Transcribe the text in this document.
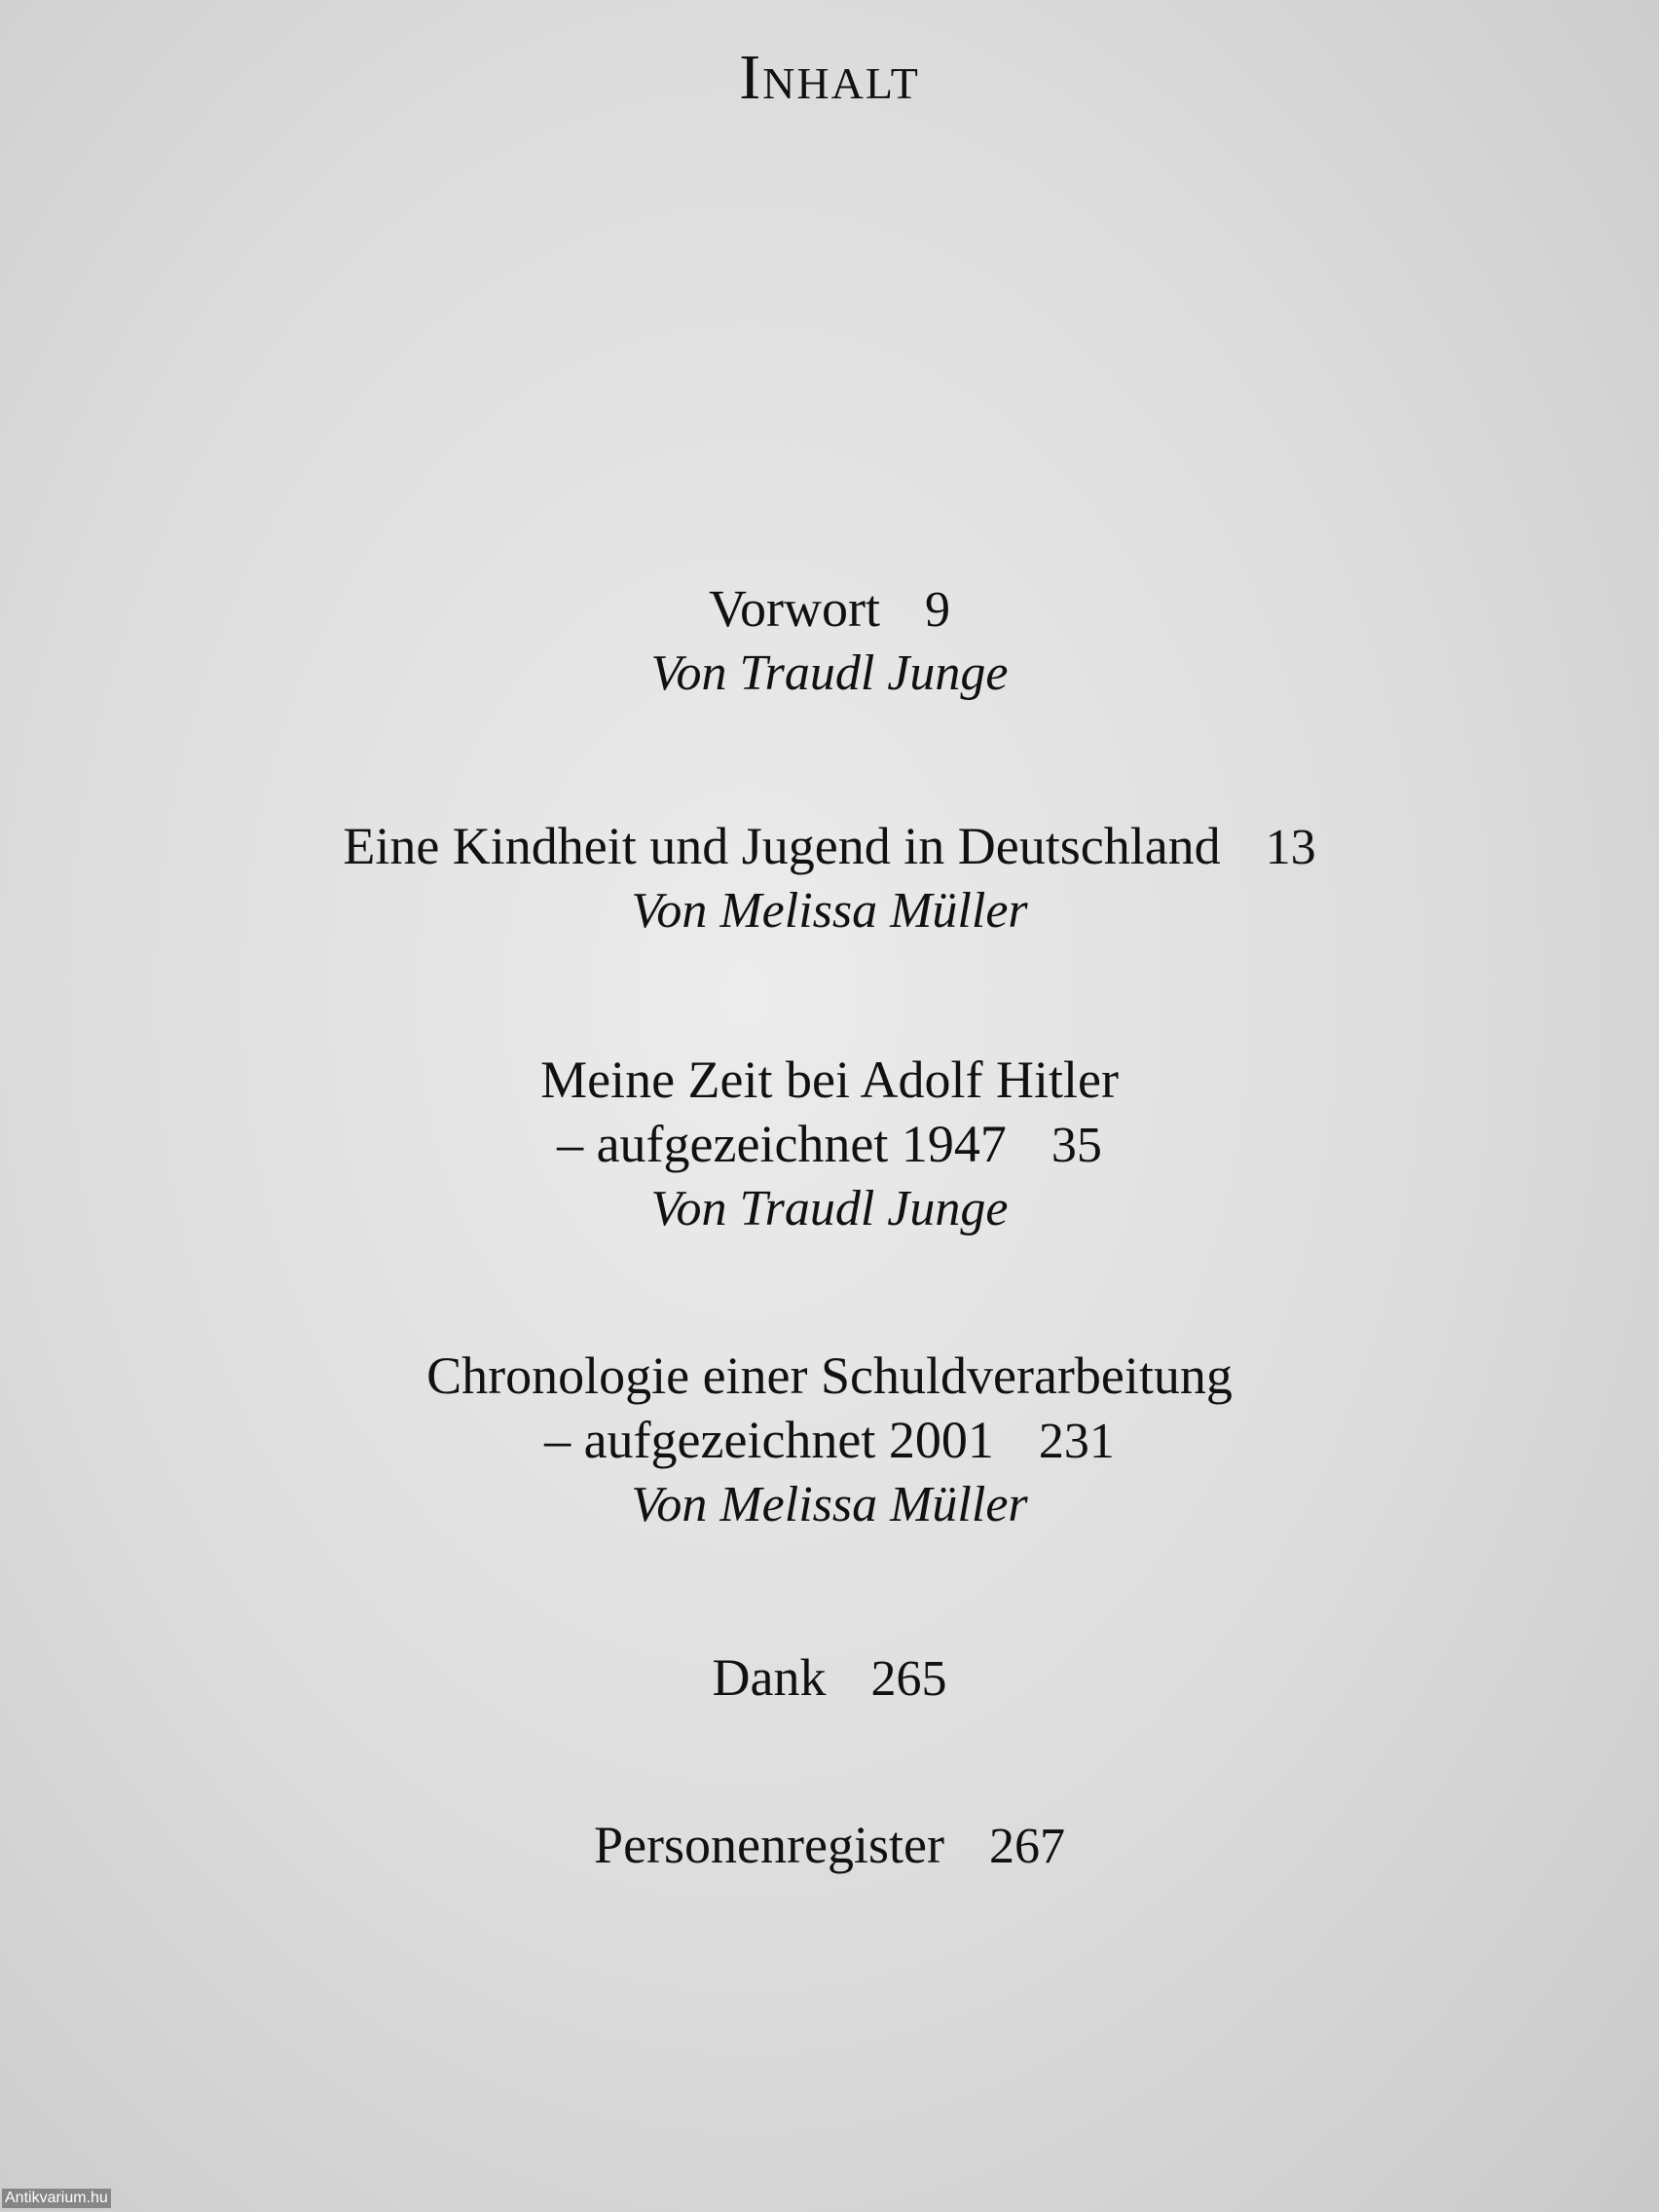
Inhalt
Vorwort 9
Von Traudl Junge
Eine Kindheit und Jugend in Deutschland 13
Von Melissa Müller
Meine Zeit bei Adolf Hitler
– aufgezeichnet 1947 35
Von Traudl Junge
Chronologie einer Schuldverarbeitung
– aufgezeichnet 2001 231
Von Melissa Müller
Dank 265
Personenregister 267
Antikvarium.hu
